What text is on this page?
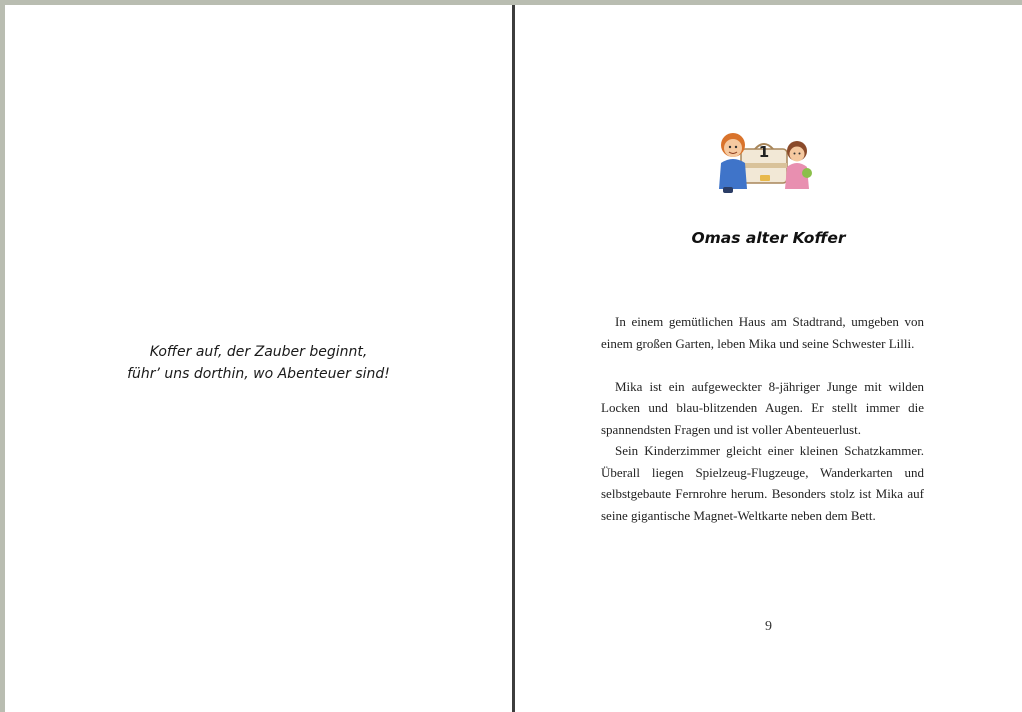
Koffer auf, der Zauber beginnt,
führ’ uns dorthin, wo Abenteuer sind!
1
Omas alter Koffer

In einem gemütlichen Haus am Stadtrand, umgeben von einem großen Garten, leben Mika und seine Schwester Lilli.

Mika ist ein aufgeweckter 8-jähriger Junge mit wilden Locken und blau-blitzenden Augen. Er stellt immer die spannendsten Fragen und ist voller Abenteuerlust.

Sein Kinderzimmer gleicht einer kleinen Schatzkammer. Überall liegen Spielzeug-Flugzeuge, Wanderkarten und selbstgebaute Fernrohre herum. Besonders stolz ist Mika auf seine gigantische Magnet-Weltkarte neben dem Bett.

9
